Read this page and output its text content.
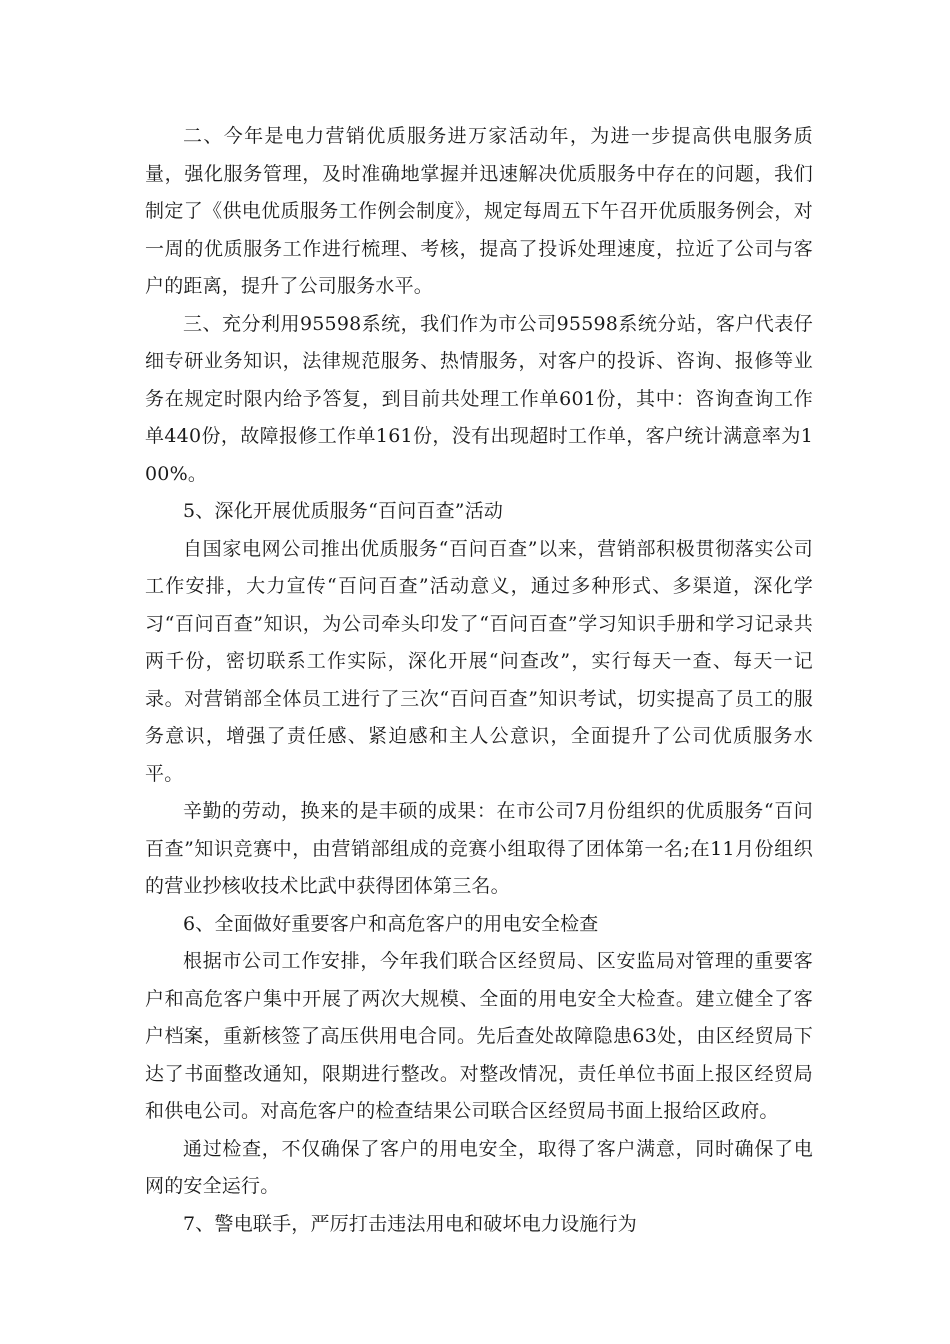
二、今年是电力营销优质服务进万家活动年，为进一步提高供电服务质量，强化服务管理，及时准确地掌握并迅速解决优质服务中存在的问题，我们制定了《供电优质服务工作例会制度》，规定每周五下午召开优质服务例会，对一周的优质服务工作进行梳理、考核，提高了投诉处理速度，拉近了公司与客户的距离，提升了公司服务水平。

三、充分利用95598系统，我们作为市公司95598系统分站，客户代表仔细专研业务知识，法律规范服务、热情服务，对客户的投诉、咨询、报修等业务在规定时限内给予答复，到目前共处理工作单601份，其中：咨询查询工作单440份，故障报修工作单161份，没有出现超时工作单，客户统计满意率为100%。

5、深化开展优质服务“百问百查”活动

自国家电网公司推出优质服务“百问百查”以来，营销部积极贯彻落实公司工作安排，大力宣传“百问百查”活动意义，通过多种形式、多渠道，深化学习“百问百查”知识，为公司牵头印发了“百问百查”学习知识手册和学习记录共两千份，密切联系工作实际，深化开展“问查改”，实行每天一查、每天一记录。对营销部全体员工进行了三次“百问百查”知识考试，切实提高了员工的服务意识，增强了责任感、紧迫感和主人公意识，全面提升了公司优质服务水平。

辛勤的劳动，换来的是丰硕的成果：在市公司7月份组织的优质服务“百问百查”知识竞赛中，由营销部组成的竞赛小组取得了团体第一名;在11月份组织的营业抄核收技术比武中获得团体第三名。

6、全面做好重要客户和高危客户的用电安全检查

根据市公司工作安排，今年我们联合区经贸局、区安监局对管理的重要客户和高危客户集中开展了两次大规模、全面的用电安全大检查。建立健全了客户档案，重新核签了高压供用电合同。先后查处故障隐患63处，由区经贸局下达了书面整改通知，限期进行整改。对整改情况，责任单位书面上报区经贸局和供电公司。对高危客户的检查结果公司联合区经贸局书面上报给区政府。

通过检查，不仅确保了客户的用电安全，取得了客户满意，同时确保了电网的安全运行。

7、警电联手，严厉打击违法用电和破坏电力设施行为
